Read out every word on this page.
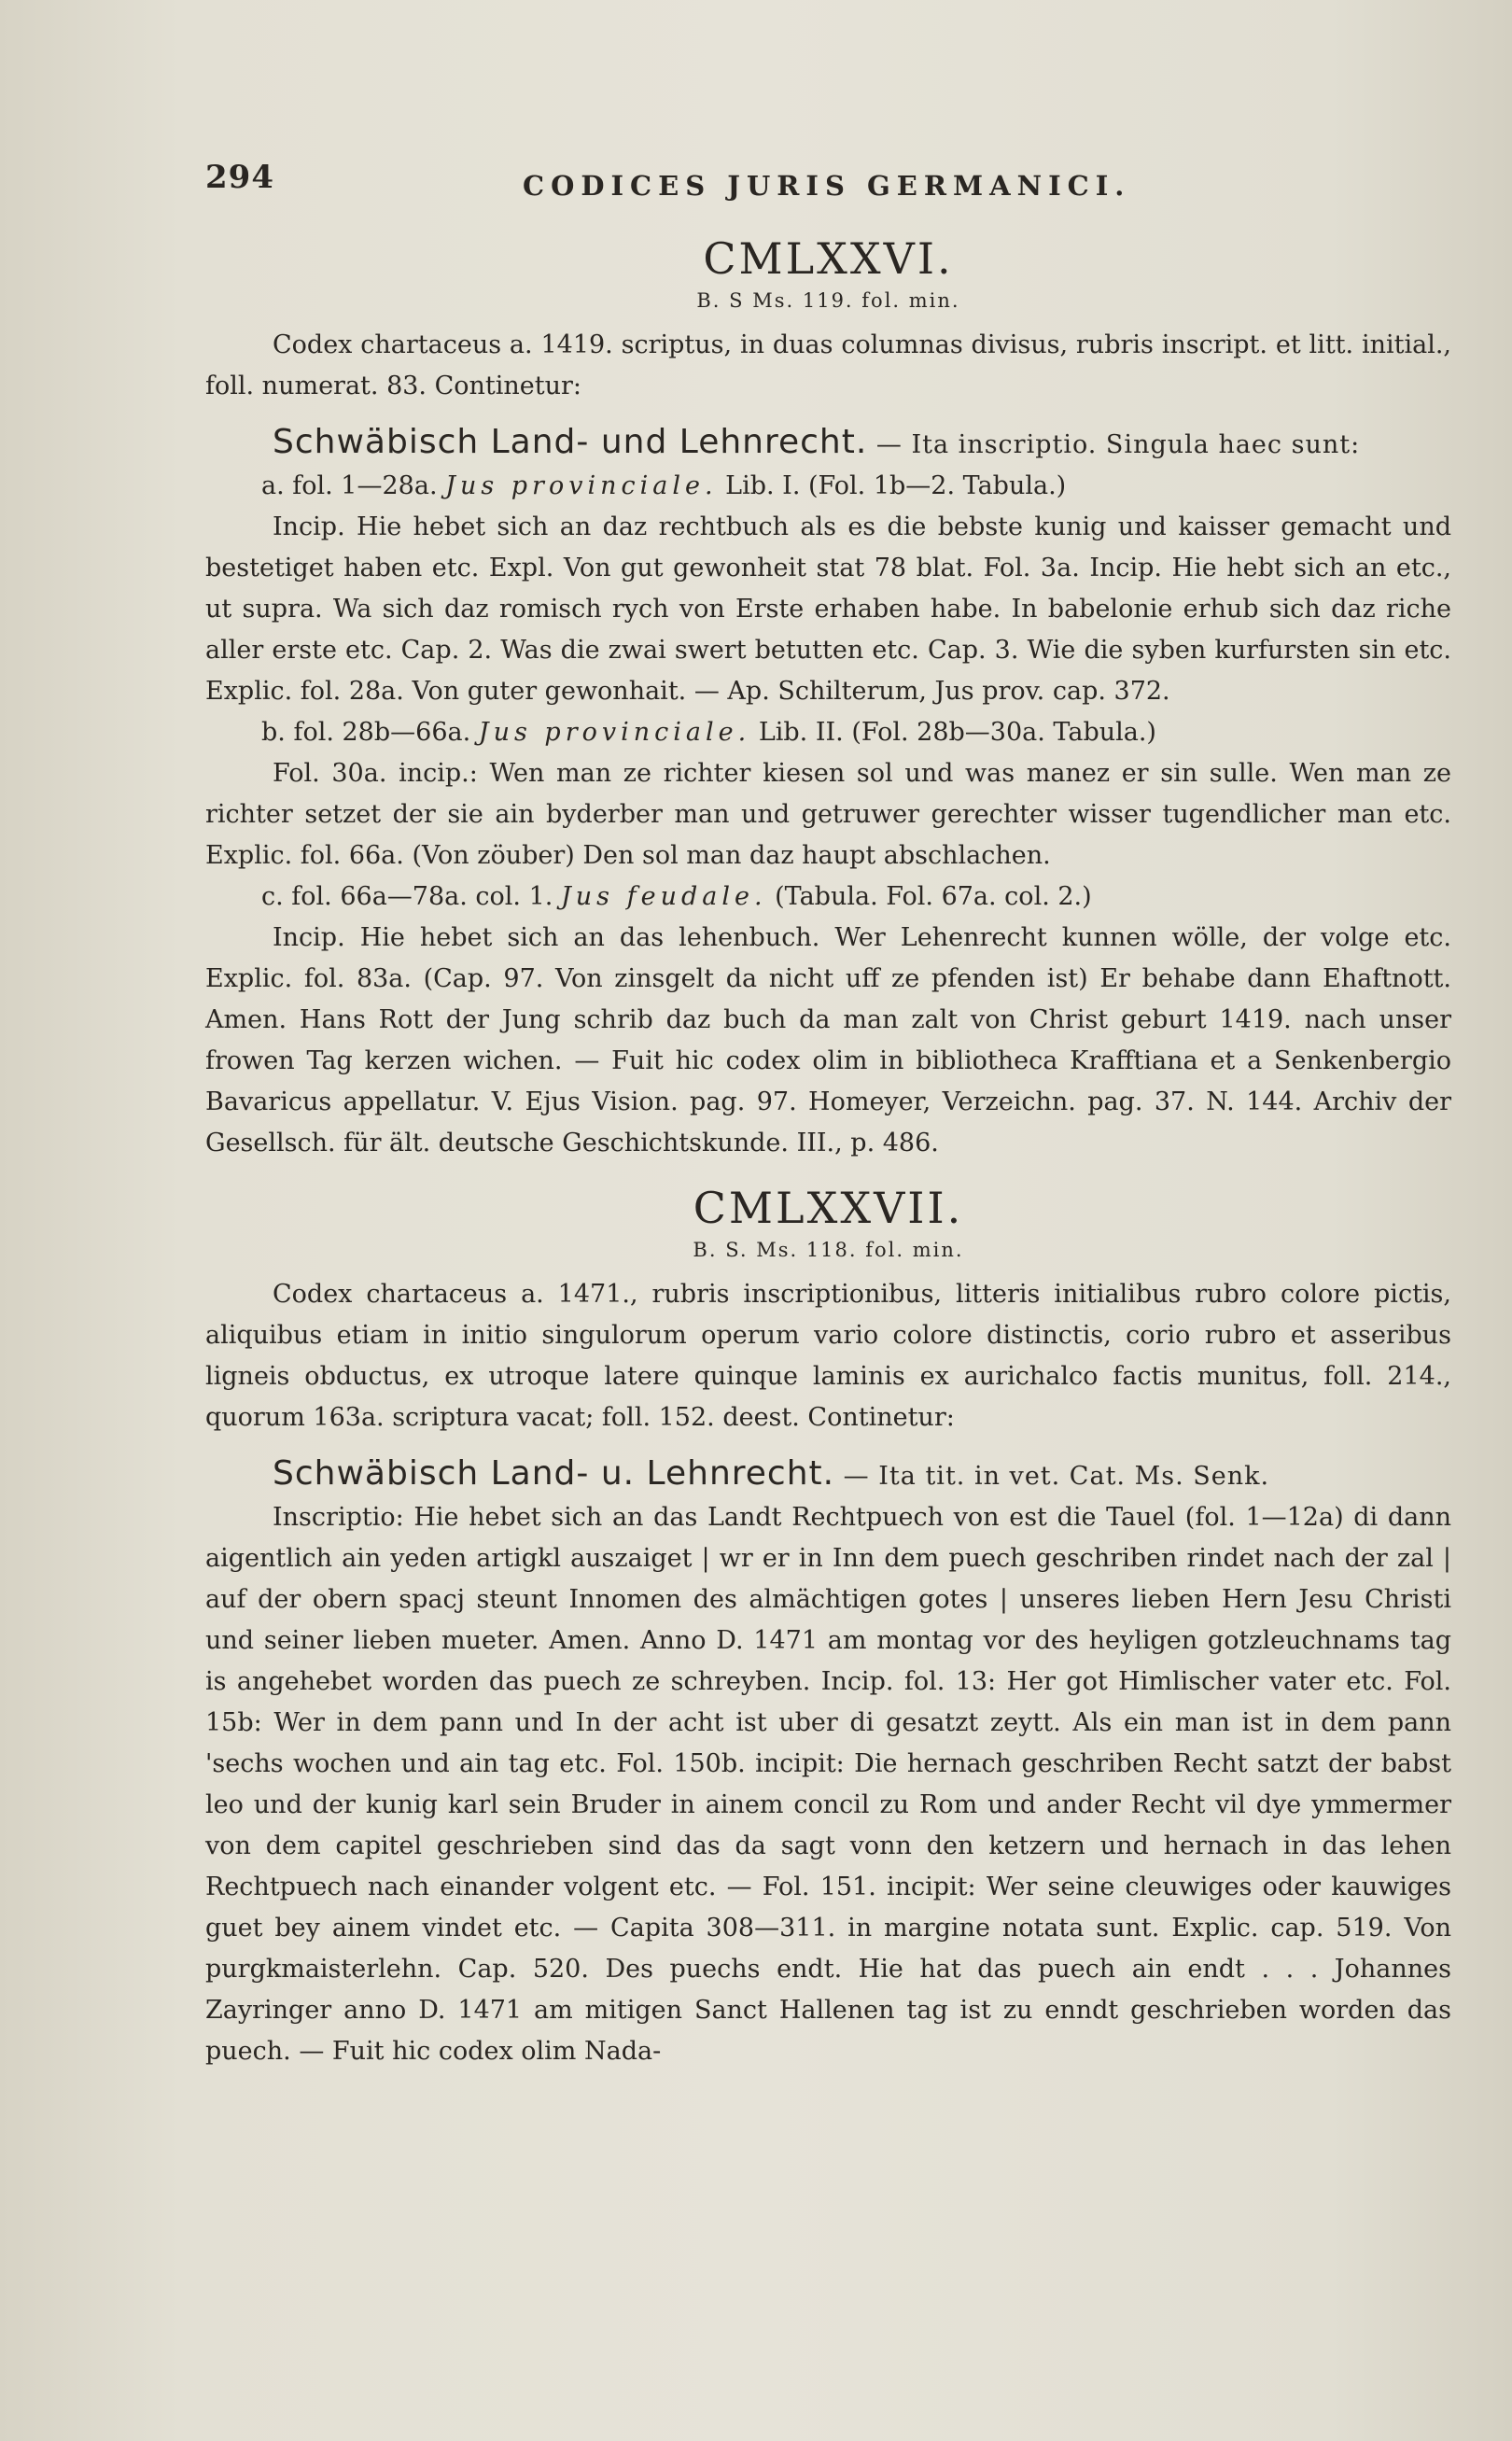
294	CODICES JURIS GERMANICI.
CMLXXVI.
B. S Ms. 119. fol. min.

Codex chartaceus a. 1419. scriptus, in duas columnas divisus, rubris inscript. et litt. initial., foll. numerat. 83. Continetur:

Schwäbisch Land- und Lehnrecht. — Ita inscriptio. Singula haec sunt:

a. fol. 1—28a. Jus provinciale. Lib. I. (Fol. 1b—2. Tabula.)

Incip. Hie hebet sich an daz rechtbuch als es die bebste kunig und kaisser gemacht und bestetiget haben etc. Expl. Von gut gewonheit stat 78 blat. Fol. 3a. Incip. Hie hebt sich an etc., ut supra. Wa sich daz romisch rych von Erste erhaben habe. In babelonie erhub sich daz riche aller erste etc. Cap. 2. Was die zwai swert betutten etc. Cap. 3. Wie die syben kurfursten sin etc. Explic. fol. 28a. Von guter gewonhait. — Ap. Schilterum, Jus prov. cap. 372.

b. fol. 28b—66a. Jus provinciale. Lib. II. (Fol. 28b—30a. Tabula.)

Fol. 30a. incip.: Wen man ze richter kiesen sol und was manez er sin sulle. Wen man ze richter setzet der sie ain byderber man und getruwer gerechter wisser tugendlicher man etc. Explic. fol. 66a. (Von zöuber) Den sol man daz haupt abschlachen.

c. fol. 66a—78a. col. 1. Jus feudale. (Tabula. Fol. 67a. col. 2.)

Incip. Hie hebet sich an das lehenbuch. Wer Lehenrecht kunnen wölle, der volge etc. Explic. fol. 83a. (Cap. 97. Von zinsgelt da nicht uff ze pfenden ist) Er behabe dann Ehaftnott. Amen. Hans Rott der Jung schrib daz buch da man zalt von Christ geburt 1419. nach unser frowen Tag kerzen wichen. — Fuit hic codex olim in bibliotheca Krafftiana et a Senkenbergio Bavaricus appellatur. V. Ejus Vision. pag. 97. Homeyer, Verzeichn. pag. 37. N. 144. Archiv der Gesellsch. für ält. deutsche Geschichtskunde. III., p. 486.

CMLXXVII.
B. S. Ms. 118. fol. min.

Codex chartaceus a. 1471., rubris inscriptionibus, litteris initialibus rubro colore pictis, aliquibus etiam in initio singulorum operum vario colore distinctis, corio rubro et asseribus ligneis obductus, ex utroque latere quinque laminis ex aurichalco factis munitus, foll. 214., quorum 163a. scriptura vacat; foll. 152. deest. Continetur:

Schwäbisch Land- u. Lehnrecht. — Ita tit. in vet. Cat. Ms. Senk.

Inscriptio: Hie hebet sich an das Landt Rechtpuech von est die Tauel (fol. 1—12a) di dann aigentlich ain yeden artigkl auszaiget | wr er in Inn dem puech geschriben rindet nach der zal | auf der obern spacj steunt Innomen des almächtigen gotes | unseres lieben Hern Jesu Christi und seiner lieben mueter. Amen. Anno D. 1471 am montag vor des heyligen gotzleuchnams tag is angehebet worden das puech ze schreyben. Incip. fol. 13: Her got Himlischer vater etc. Fol. 15b: Wer in dem pann und In der acht ist uber di gesatzt zeytt. Als ein man ist in dem pann 'sechs wochen und ain tag etc. Fol. 150b. incipit: Die hernach geschriben Recht satzt der babst leo und der kunig karl sein Bruder in ainem concil zu Rom und ander Recht vil dye ymmermer von dem capitel geschrieben sind das da sagt vonn den ketzern und hernach in das lehen Rechtpuech nach einander volgent etc. — Fol. 151. incipit: Wer seine cleuwiges oder kauwiges guet bey ainem vindet etc. — Capita 308—311. in margine notata sunt. Explic. cap. 519. Von purgkmaisterlehn. Cap. 520. Des puechs endt. Hie hat das puech ain endt . . . Johannes Zayringer anno D. 1471 am mitigen Sanct Hallenen tag ist zu enndt geschrieben worden das puech. — Fuit hic codex olim Nada-
